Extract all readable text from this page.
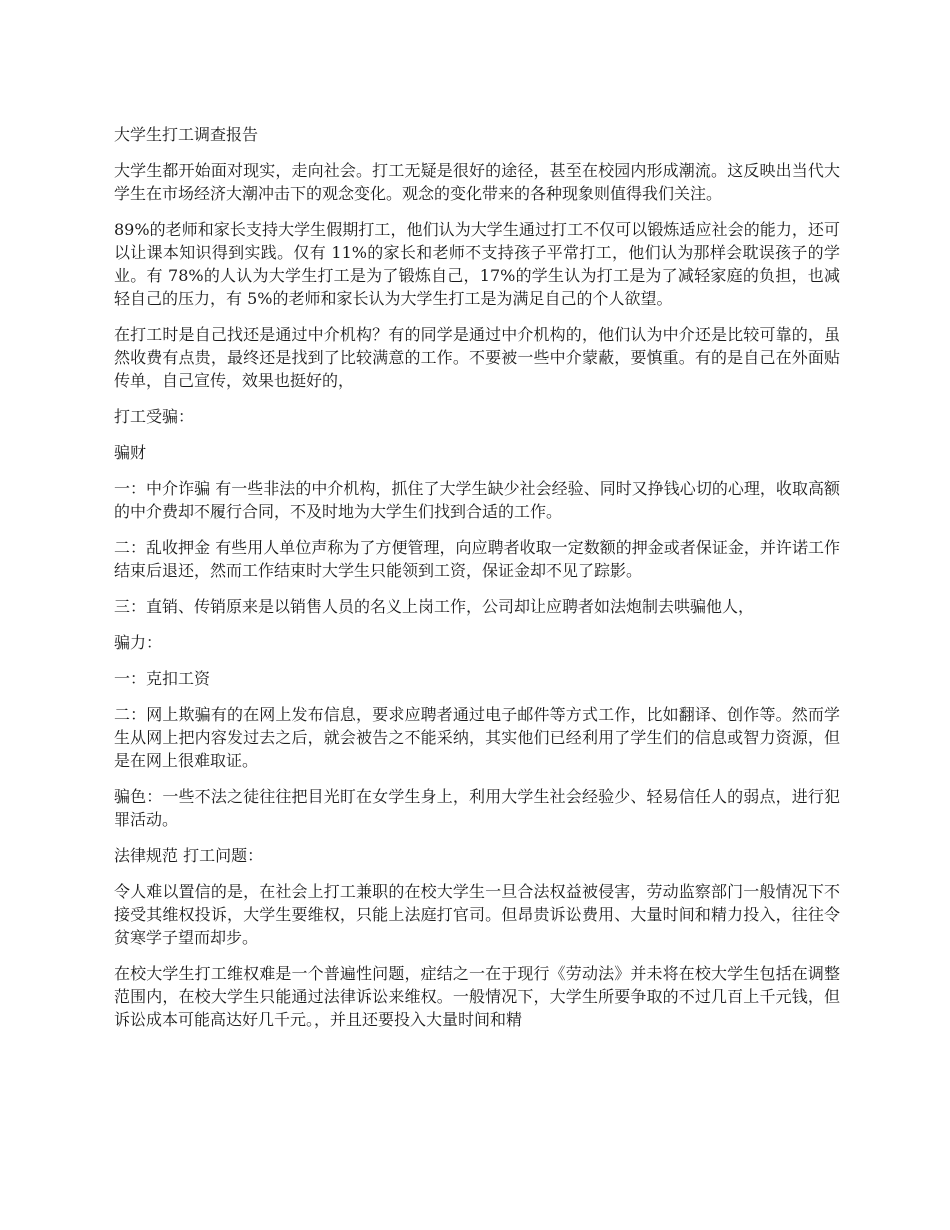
大学生打工调查报告

大学生都开始面对现实，走向社会。打工无疑是很好的途径，甚至在校园内形成潮流。这反映出当代大学生在市场经济大潮冲击下的观念变化。观念的变化带来的各种现象则值得我们关注。

89%的老师和家长支持大学生假期打工，他们认为大学生通过打工不仅可以锻炼适应社会的能力，还可以让课本知识得到实践。仅有 11%的家长和老师不支持孩子平常打工，他们认为那样会耽误孩子的学业。有 78%的人认为大学生打工是为了锻炼自己，17%的学生认为打工是为了减轻家庭的负担，也减轻自己的压力，有 5%的老师和家长认为大学生打工是为满足自己的个人欲望。

在打工时是自己找还是通过中介机构？有的同学是通过中介机构的，他们认为中介还是比较可靠的，虽然收费有点贵，最终还是找到了比较满意的工作。不要被一些中介蒙蔽，要慎重。有的是自己在外面贴传单，自己宣传，效果也挺好的，

打工受骗：

骗财

一：中介诈骗 有一些非法的中介机构，抓住了大学生缺少社会经验、同时又挣钱心切的心理，收取高额的中介费却不履行合同，不及时地为大学生们找到合适的工作。

二：乱收押金 有些用人单位声称为了方便管理，向应聘者收取一定数额的押金或者保证金，并许诺工作结束后退还，然而工作结束时大学生只能领到工资，保证金却不见了踪影。

三：直销、传销原来是以销售人员的名义上岗工作，公司却让应聘者如法炮制去哄骗他人，

骗力：

一：克扣工资

二：网上欺骗有的在网上发布信息，要求应聘者通过电子邮件等方式工作，比如翻译、创作等。然而学生从网上把内容发过去之后，就会被告之不能采纳，其实他们已经利用了学生们的信息或智力资源，但是在网上很难取证。

骗色：一些不法之徒往往把目光盯在女学生身上，利用大学生社会经验少、轻易信任人的弱点，进行犯罪活动。

法律规范 打工问题：

令人难以置信的是，在社会上打工兼职的在校大学生一旦合法权益被侵害，劳动监察部门一般情况下不接受其维权投诉，大学生要维权，只能上法庭打官司。但昂贵诉讼费用、大量时间和精力投入，往往令贫寒学子望而却步。

在校大学生打工维权难是一个普遍性问题，症结之一在于现行《劳动法》并未将在校大学生包括在调整范围内，在校大学生只能通过法律诉讼来维权。一般情况下，大学生所要争取的不过几百上千元钱，但诉讼成本可能高达好几千元。，并且还要投入大量时间和精
